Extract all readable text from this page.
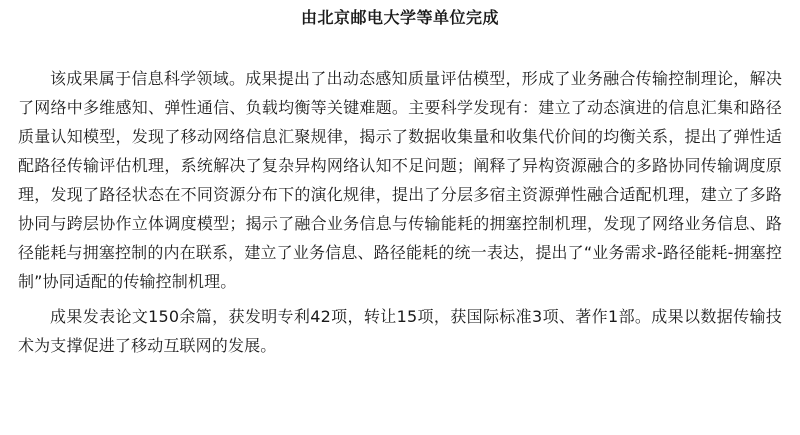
由北京邮电大学等单位完成

该成果属于信息科学领域。成果提出了出动态感知质量评估模型，形成了业务融合传输控制理论，解决了网络中多维感知、弹性通信、负载均衡等关键难题。主要科学发现有：建立了动态演进的信息汇集和路径质量认知模型，发现了移动网络信息汇聚规律，揭示了数据收集量和收集代价间的均衡关系，提出了弹性适配路径传输评估机理，系统解决了复杂异构网络认知不足问题；阐释了异构资源融合的多路协同传输调度原理，发现了路径状态在不同资源分布下的演化规律，提出了分层多宿主资源弹性融合适配机理，建立了多路协同与跨层协作立体调度模型；揭示了融合业务信息与传输能耗的拥塞控制机理，发现了网络业务信息、路径能耗与拥塞控制的内在联系，建立了业务信息、路径能耗的统一表达，提出了“业务需求-路径能耗-拥塞控制”协同适配的传输控制机理。

成果发表论文150余篇，获发明专利42项，转让15项，获国际标准3项、著作1部。成果以数据传输技术为支撑促进了移动互联网的发展。
